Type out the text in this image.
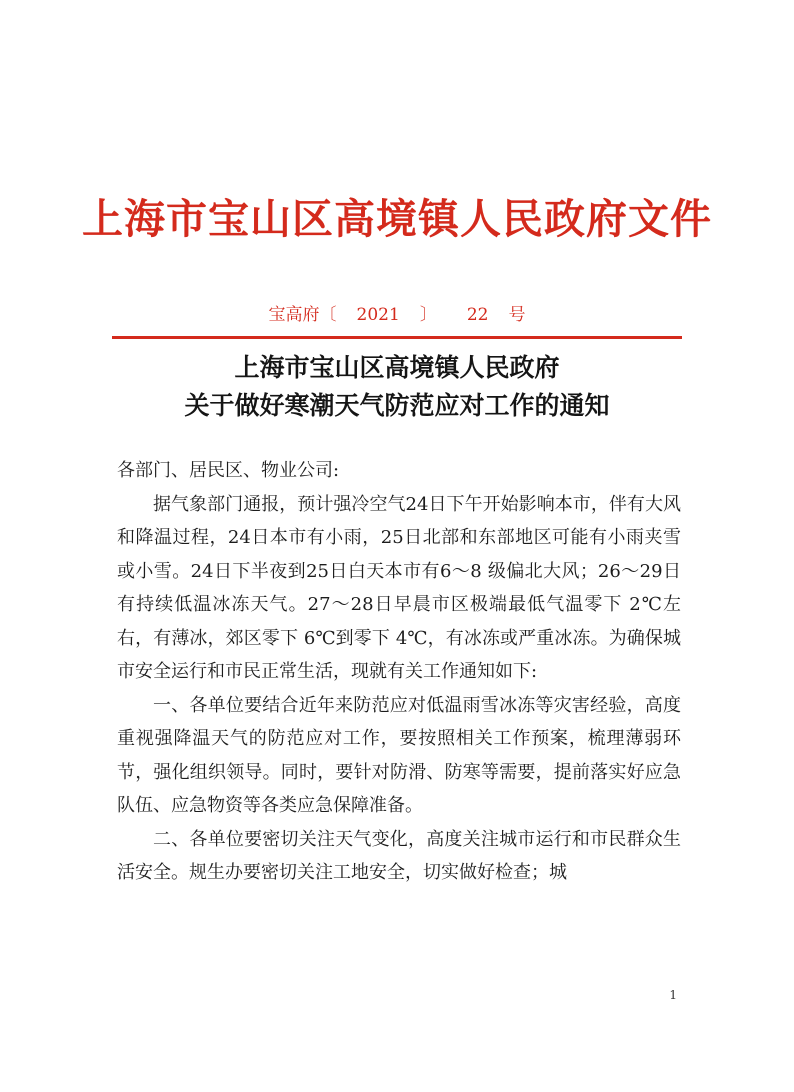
上海市宝山区高境镇人民政府文件
宝高府〔 2021 〕 22 号
上海市宝山区高境镇人民政府
关于做好寒潮天气防范应对工作的通知

各部门、居民区、物业公司:

据气象部门通报，预计强冷空气24日下午开始影响本市，伴有大风和降温过程，24日本市有小雨，25日北部和东部地区可能有小雨夹雪或小雪。24日下半夜到25日白天本市有6～8 级偏北大风；26～29日有持续低温冰冻天气。27～28日早晨市区极端最低气温零下 2℃左右，有薄冰，郊区零下 6℃到零下 4℃，有冰冻或严重冰冻。为确保城市安全运行和市民正常生活，现就有关工作通知如下:

一、各单位要结合近年来防范应对低温雨雪冰冻等灾害经验，高度重视强降温天气的防范应对工作，要按照相关工作预案，梳理薄弱环节，强化组织领导。同时，要针对防滑、防寒等需要，提前落实好应急队伍、应急物资等各类应急保障准备。

二、各单位要密切关注天气变化，高度关注城市运行和市民群众生活安全。规生办要密切关注工地安全，切实做好检查；城

1
